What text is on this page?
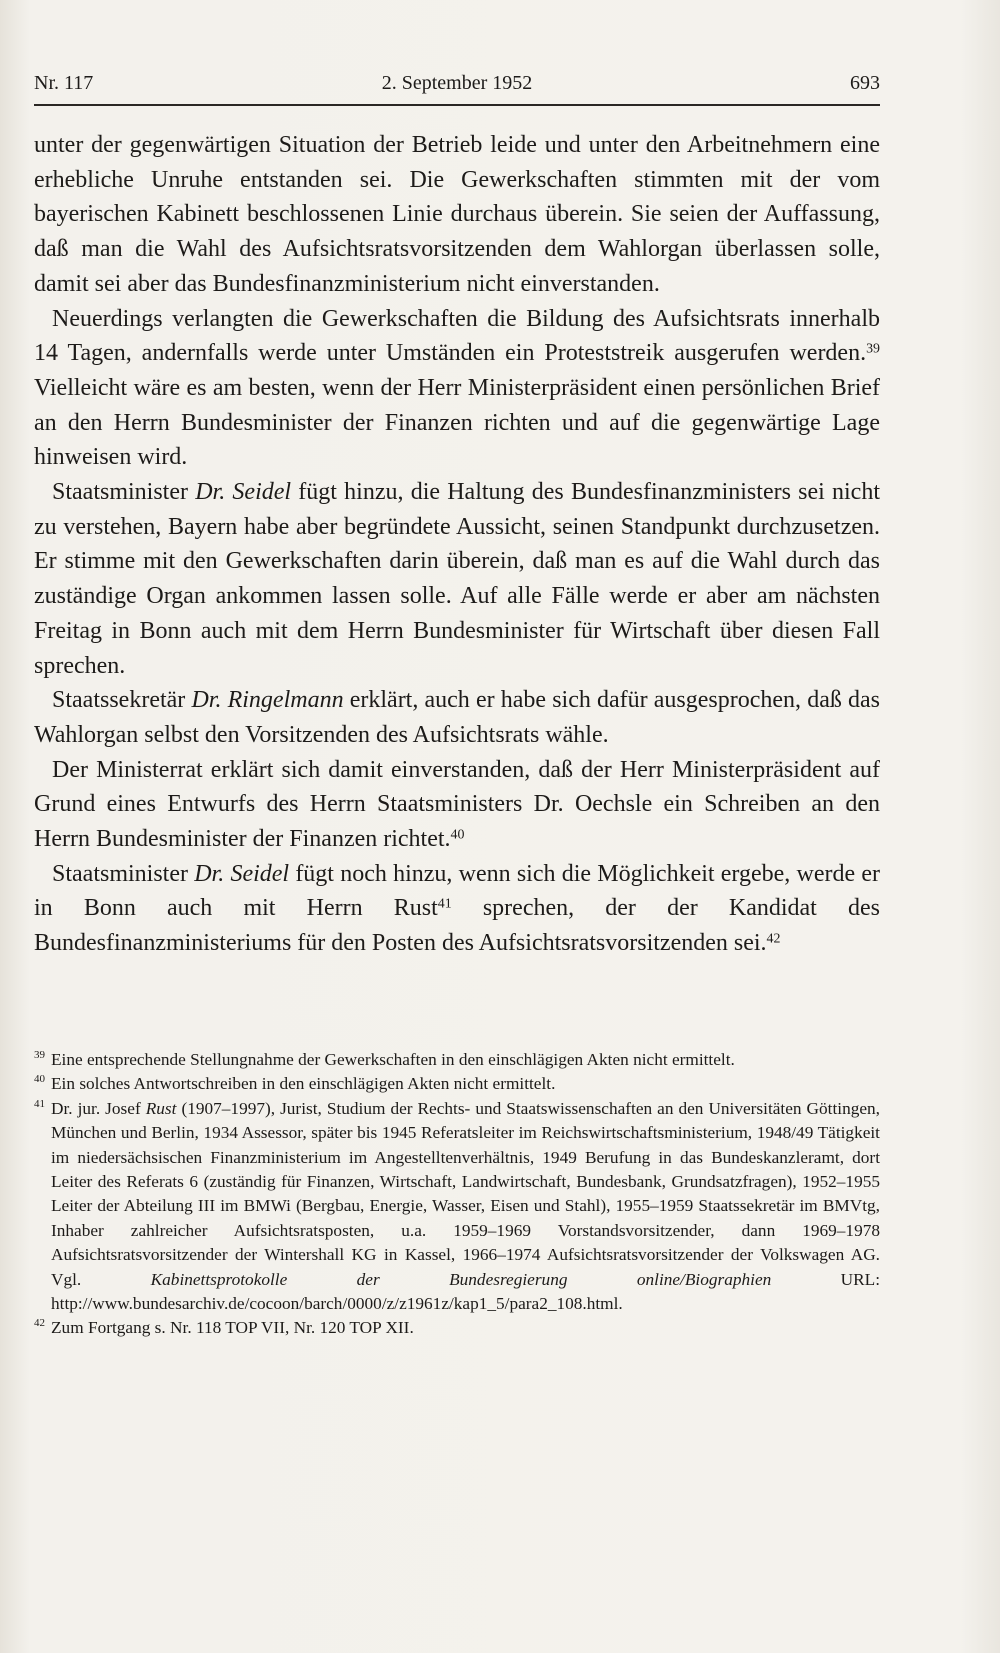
Nr. 117	2. September 1952	693

unter der gegenwärtigen Situation der Betrieb leide und unter den Arbeitnehmern eine erhebliche Unruhe entstanden sei. Die Gewerkschaften stimmten mit der vom bayerischen Kabinett beschlossenen Linie durchaus überein. Sie seien der Auffassung, daß man die Wahl des Aufsichtsratsvorsitzenden dem Wahlorgan überlassen solle, damit sei aber das Bundesfinanzministerium nicht einverstanden.

Neuerdings verlangten die Gewerkschaften die Bildung des Aufsichtsrats innerhalb 14 Tagen, andernfalls werde unter Umständen ein Proteststreik ausgerufen werden.$^{39}$ Vielleicht wäre es am besten, wenn der Herr Ministerpräsident einen persönlichen Brief an den Herrn Bundesminister der Finanzen richten und auf die gegenwärtige Lage hinweisen wird.

Staatsminister Dr. Seidel fügt hinzu, die Haltung des Bundesfinanzministers sei nicht zu verstehen, Bayern habe aber begründete Aussicht, seinen Standpunkt durchzusetzen. Er stimme mit den Gewerkschaften darin überein, daß man es auf die Wahl durch das zuständige Organ ankommen lassen solle. Auf alle Fälle werde er aber am nächsten Freitag in Bonn auch mit dem Herrn Bundesminister für Wirtschaft über diesen Fall sprechen.

Staatssekretär Dr. Ringelmann erklärt, auch er habe sich dafür ausgesprochen, daß das Wahlorgan selbst den Vorsitzenden des Aufsichtsrats wähle.

Der Ministerrat erklärt sich damit einverstanden, daß der Herr Ministerpräsident auf Grund eines Entwurfs des Herrn Staatsministers Dr. Oechsle ein Schreiben an den Herrn Bundesminister der Finanzen richtet.$^{40}$

Staatsminister Dr. Seidel fügt noch hinzu, wenn sich die Möglichkeit ergebe, werde er in Bonn auch mit Herrn Rust$^{41}$ sprechen, der der Kandidat des Bundesfinanzministeriums für den Posten des Aufsichtsratsvorsitzenden sei.$^{42}$

39 Eine entsprechende Stellungnahme der Gewerkschaften in den einschlägigen Akten nicht ermittelt.

40 Ein solches Antwortschreiben in den einschlägigen Akten nicht ermittelt.

41 Dr. jur. Josef Rust (1907–1997), Jurist, Studium der Rechts- und Staatswissenschaften an den Universitäten Göttingen, München und Berlin, 1934 Assessor, später bis 1945 Referatsleiter im Reichswirtschaftsministerium, 1948/49 Tätigkeit im niedersächsischen Finanzministerium im Angestelltenverhältnis, 1949 Berufung in das Bundeskanzleramt, dort Leiter des Referats 6 (zuständig für Finanzen, Wirtschaft, Landwirtschaft, Bundesbank, Grundsatzfragen), 1952–1955 Leiter der Abteilung III im BMWi (Bergbau, Energie, Wasser, Eisen und Stahl), 1955–1959 Staatssekretär im BMVtg, Inhaber zahlreicher Aufsichtsratsposten, u.a. 1959–1969 Vorstandsvorsitzender, dann 1969–1978 Aufsichtsratsvorsitzender der Wintershall KG in Kassel, 1966–1974 Aufsichtsratsvorsitzender der Volkswagen AG. Vgl. Kabinettsprotokolle der Bundesregierung online/Biographien URL: http://www.bundesarchiv.de/cocoon/barch/0000/z/z1961z/kap1_5/para2_108.html.

42 Zum Fortgang s. Nr. 118 TOP VII, Nr. 120 TOP XII.
